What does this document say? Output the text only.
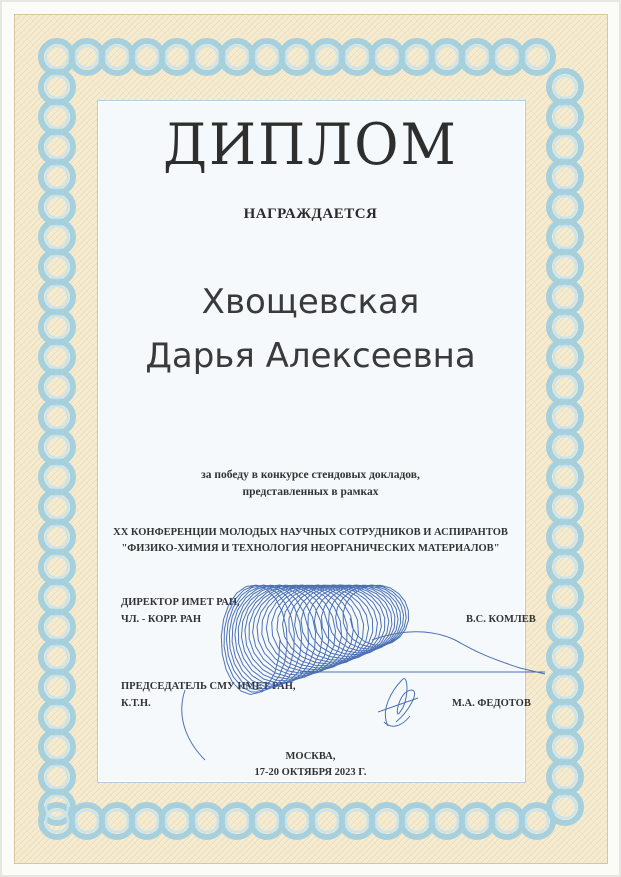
ДИПЛОМ
НАГРАЖДАЕТСЯ
Хвощевская
Дарья Алексеевна
за победу в конкурсе стендовых докладов,
представленных в рамках
XX КОНФЕРЕНЦИИ МОЛОДЫХ НАУЧНЫХ СОТРУДНИКОВ И АСПИРАНТОВ
"ФИЗИКО-ХИМИЯ И ТЕХНОЛОГИЯ НЕОРГАНИЧЕСКИХ МАТЕРИАЛОВ"
ДИРЕКТОР ИМЕТ РАН,
ЧЛ. - КОРР. РАН	В.С. КОМЛЕВ
ПРЕДСЕДАТЕЛЬ СМУ ИМЕТ РАН,
К.Т.Н.	М.А. ФЕДОТОВ
МОСКВА,
17-20 ОКТЯБРЯ 2023 Г.
